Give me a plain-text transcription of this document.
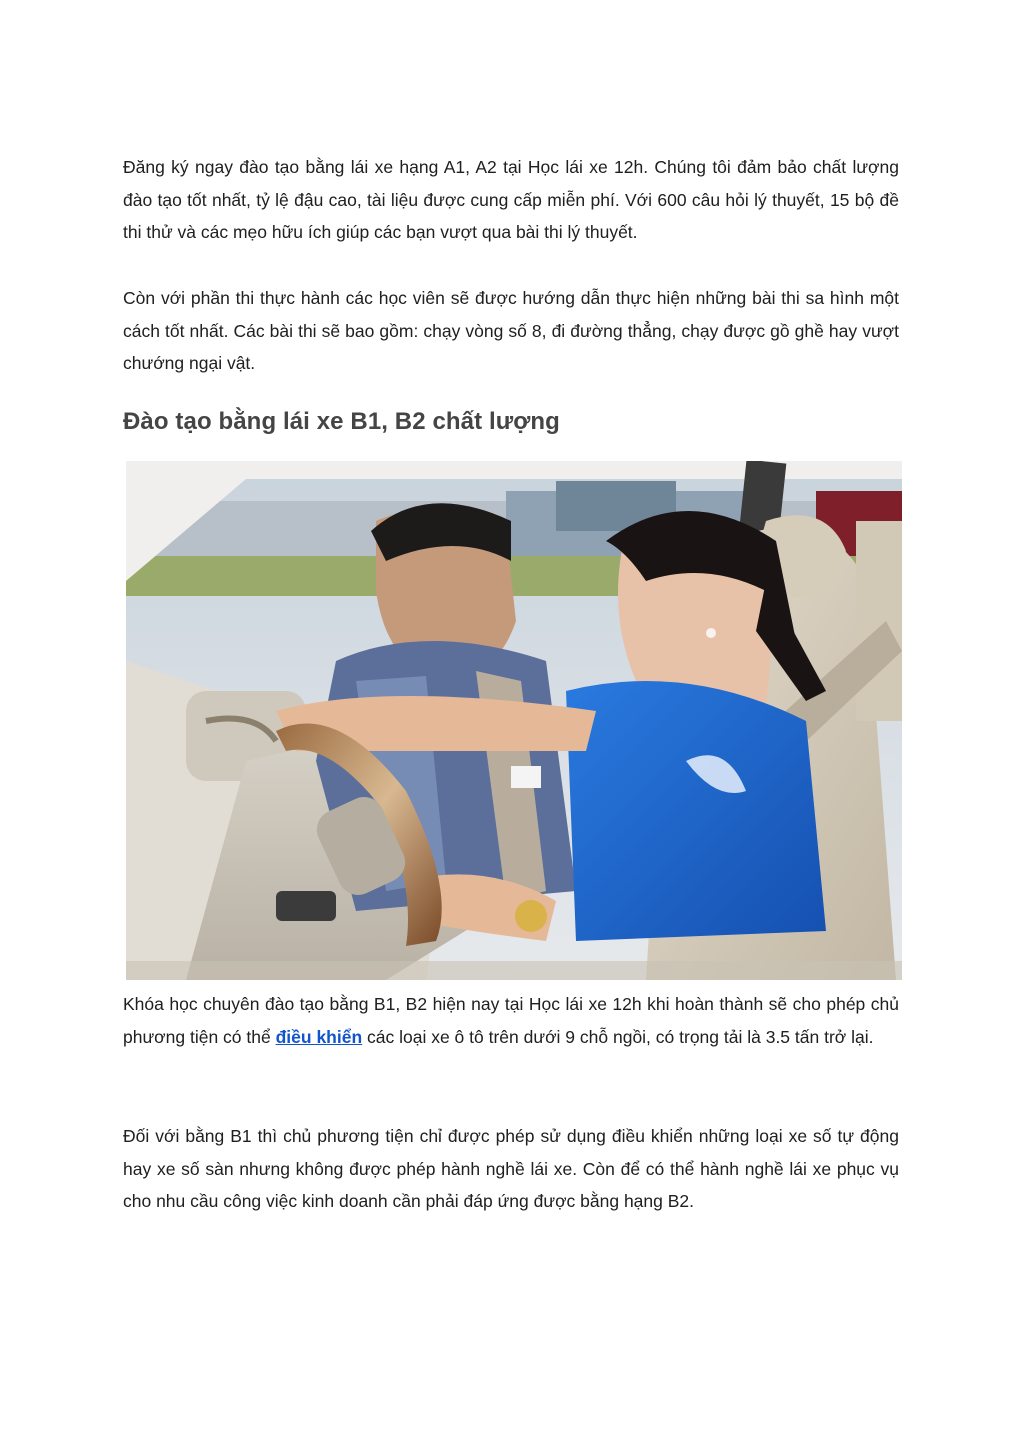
Đăng ký ngay đào tạo bằng lái xe hạng A1, A2 tại Học lái xe 12h. Chúng tôi đảm bảo chất lượng đào tạo tốt nhất, tỷ lệ đậu cao, tài liệu được cung cấp miễn phí. Với 600 câu hỏi lý thuyết, 15 bộ đề thi thử và các mẹo hữu ích giúp các bạn vượt qua bài thi lý thuyết.

Còn với phần thi thực hành các học viên sẽ được hướng dẫn thực hiện những bài thi sa hình một cách tốt nhất. Các bài thi sẽ bao gồm: chạy vòng số 8, đi đường thẳng, chạy được gồ ghề hay vượt chướng ngại vật.

Đào tạo bằng lái xe B1, B2 chất lượng

Khóa học chuyên đào tạo bằng B1, B2 hiện nay tại Học lái xe 12h khi hoàn thành sẽ cho phép chủ phương tiện có thể điều khiển các loại xe ô tô trên dưới 9 chỗ ngồi, có trọng tải là 3.5 tấn trở lại.

Đối với bằng B1 thì chủ phương tiện chỉ được phép sử dụng điều khiển những loại xe số tự động hay xe số sàn nhưng không được phép hành nghề lái xe. Còn để có thể hành nghề lái xe phục vụ cho nhu cầu công việc kinh doanh cần phải đáp ứng được bằng hạng B2.
